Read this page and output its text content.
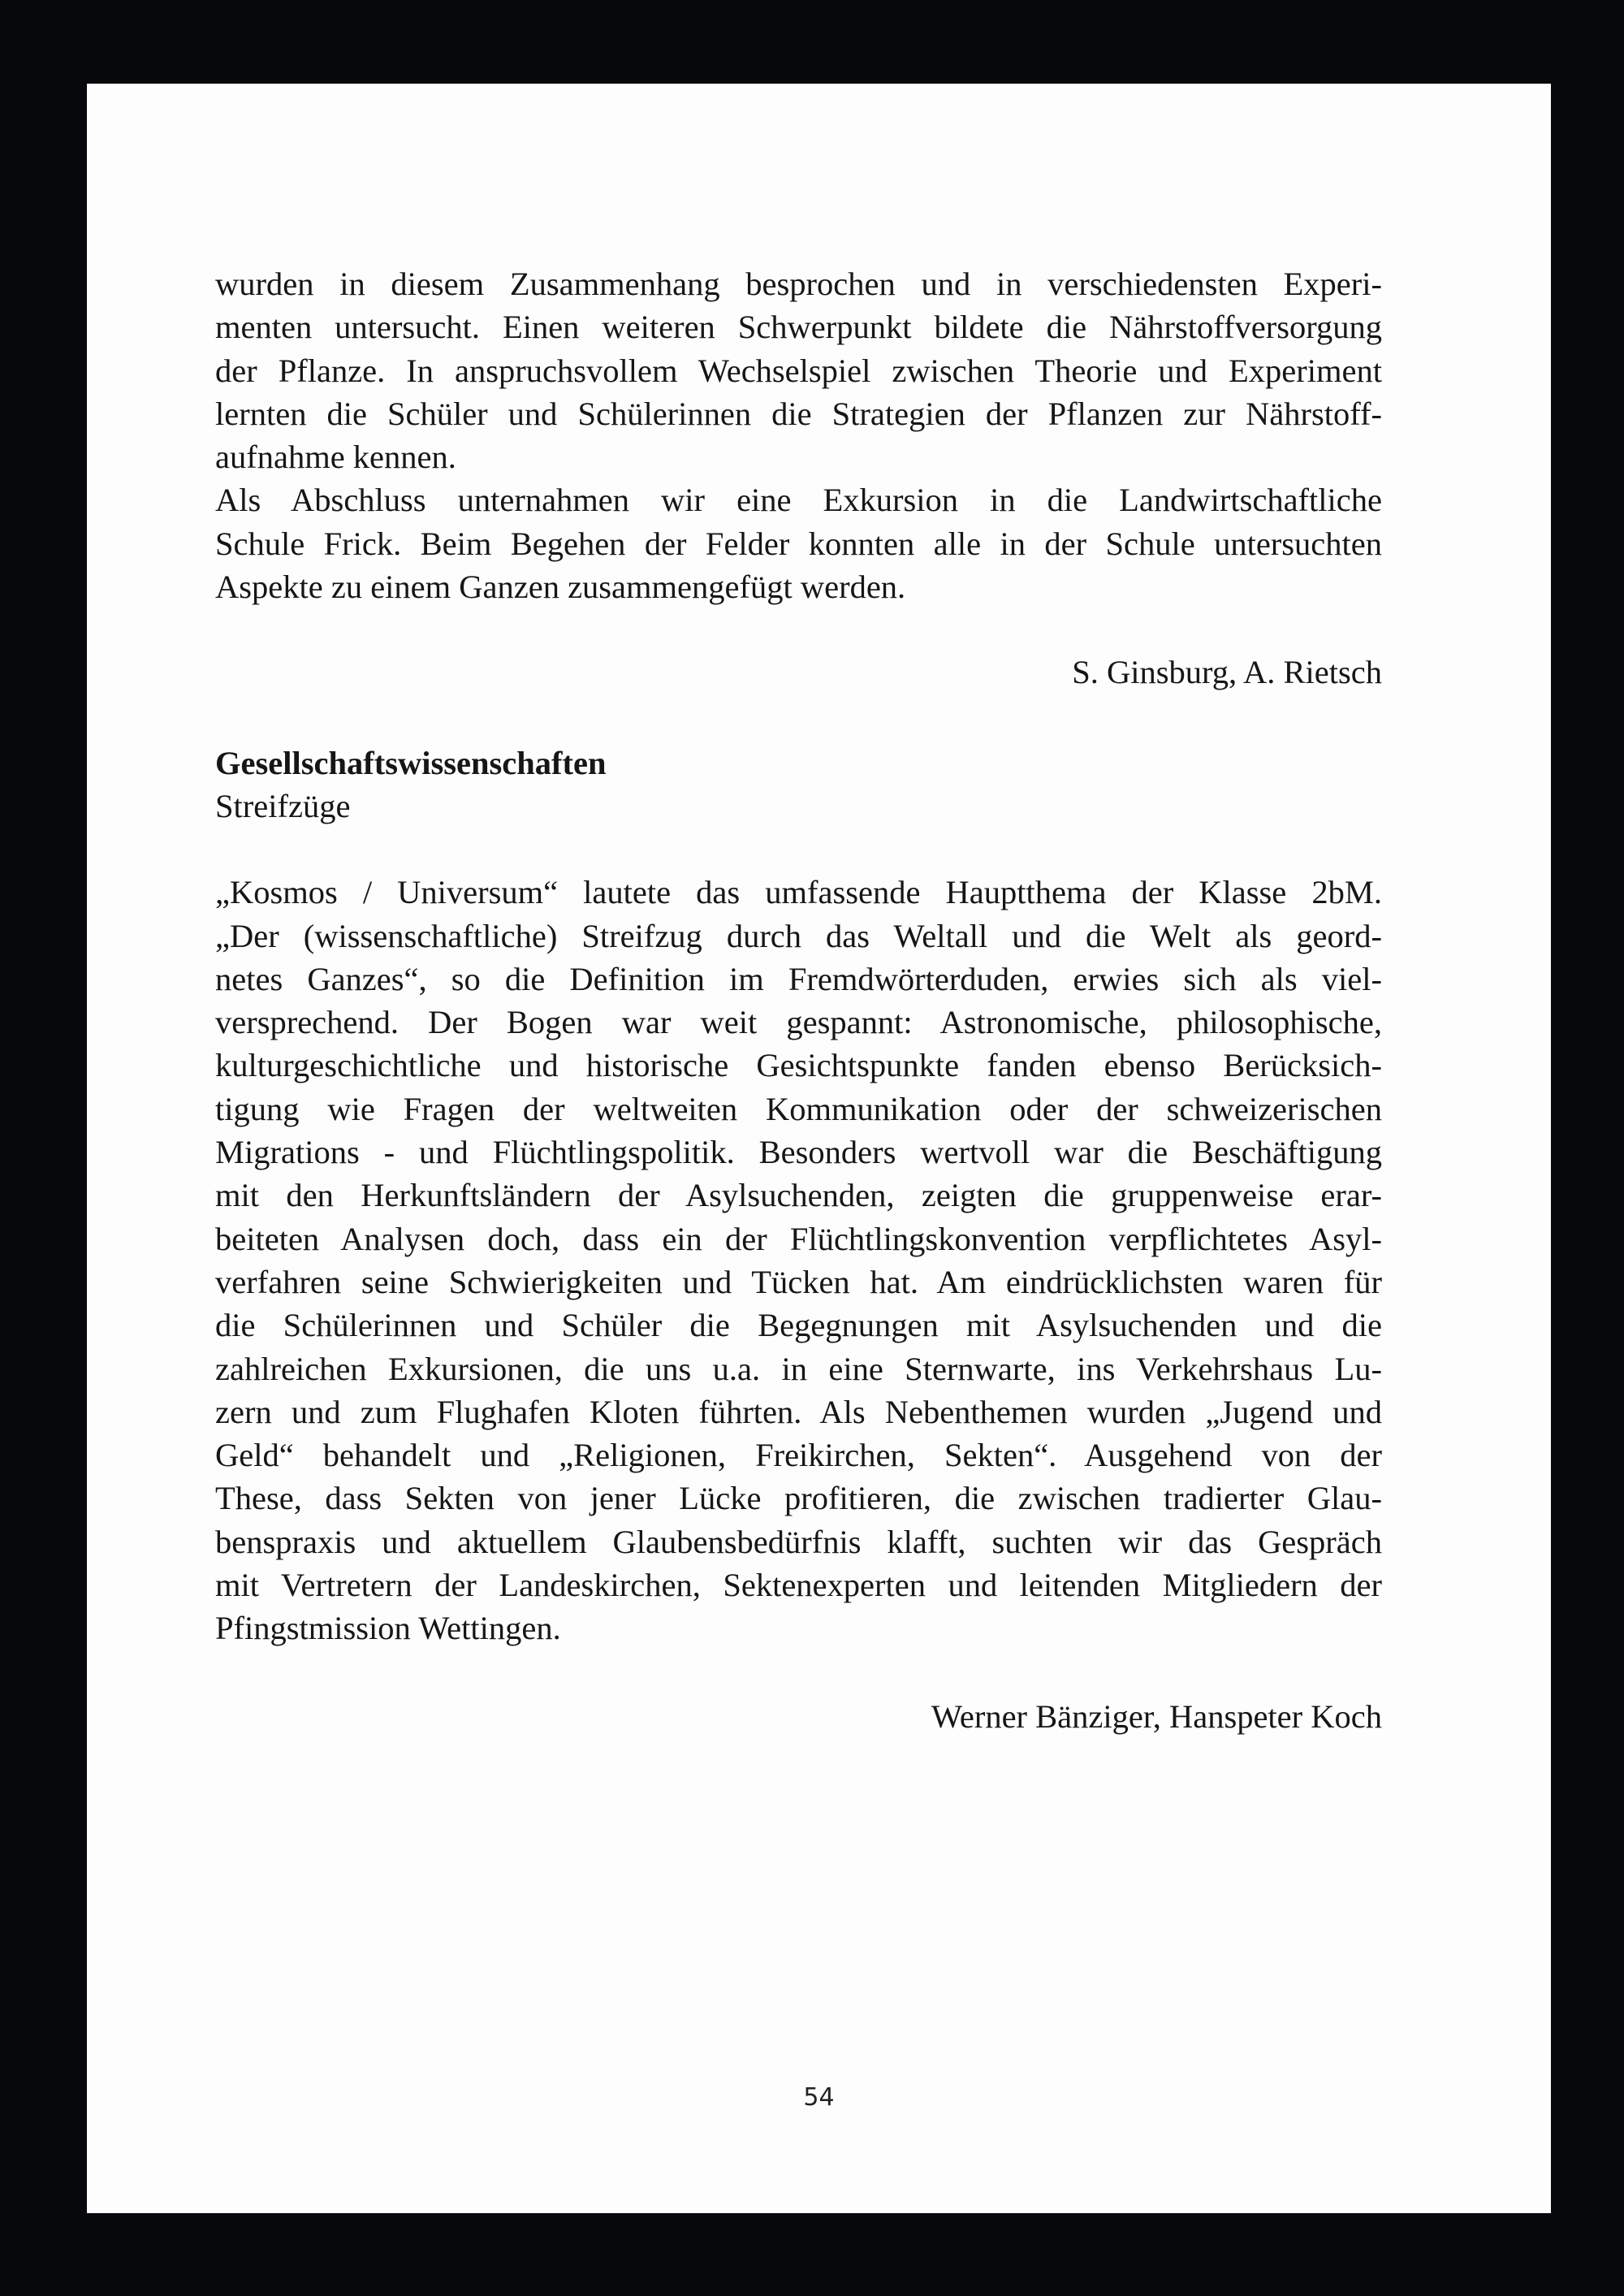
wurden in diesem Zusammenhang besprochen und in verschiedensten Experi-
menten untersucht. Einen weiteren Schwerpunkt bildete die Nährstoffversorgung
der Pflanze. In anspruchsvollem Wechselspiel zwischen Theorie und Experiment
lernten die Schüler und Schülerinnen die Strategien der Pflanzen zur Nährstoff-
aufnahme kennen.

Als Abschluss unternahmen wir eine Exkursion in die Landwirtschaftliche
Schule Frick. Beim Begehen der Felder konnten alle in der Schule untersuchten
Aspekte zu einem Ganzen zusammengefügt werden.

S. Ginsburg, A. Rietsch

Gesellschaftswissenschaften

Streifzüge

„Kosmos / Universum“ lautete das umfassende Hauptthema der Klasse 2bM.
„Der (wissenschaftliche) Streifzug durch das Weltall und die Welt als geord-
netes Ganzes“, so die Definition im Fremdwörterduden, erwies sich als viel-
versprechend. Der Bogen war weit gespannt: Astronomische, philosophische,
kulturgeschichtliche und historische Gesichtspunkte fanden ebenso Berücksich-
tigung wie Fragen der weltweiten Kommunikation oder der schweizerischen
Migrations - und Flüchtlingspolitik. Besonders wertvoll war die Beschäftigung
mit den Herkunftsländern der Asylsuchenden, zeigten die gruppenweise erar-
beiteten Analysen doch, dass ein der Flüchtlingskonvention verpflichtetes Asyl-
verfahren seine Schwierigkeiten und Tücken hat. Am eindrücklichsten waren für
die Schülerinnen und Schüler die Begegnungen mit Asylsuchenden und die
zahlreichen Exkursionen, die uns u.a. in eine Sternwarte, ins Verkehrshaus Lu-
zern und zum Flughafen Kloten führten. Als Nebenthemen wurden „Jugend und
Geld“ behandelt und „Religionen, Freikirchen, Sekten“. Ausgehend von der
These, dass Sekten von jener Lücke profitieren, die zwischen tradierter Glau-
benspraxis und aktuellem Glaubensbedürfnis klafft, suchten wir das Gespräch
mit Vertretern der Landeskirchen, Sektenexperten und leitenden Mitgliedern der
Pfingstmission Wettingen.

Werner Bänziger, Hanspeter Koch

54
